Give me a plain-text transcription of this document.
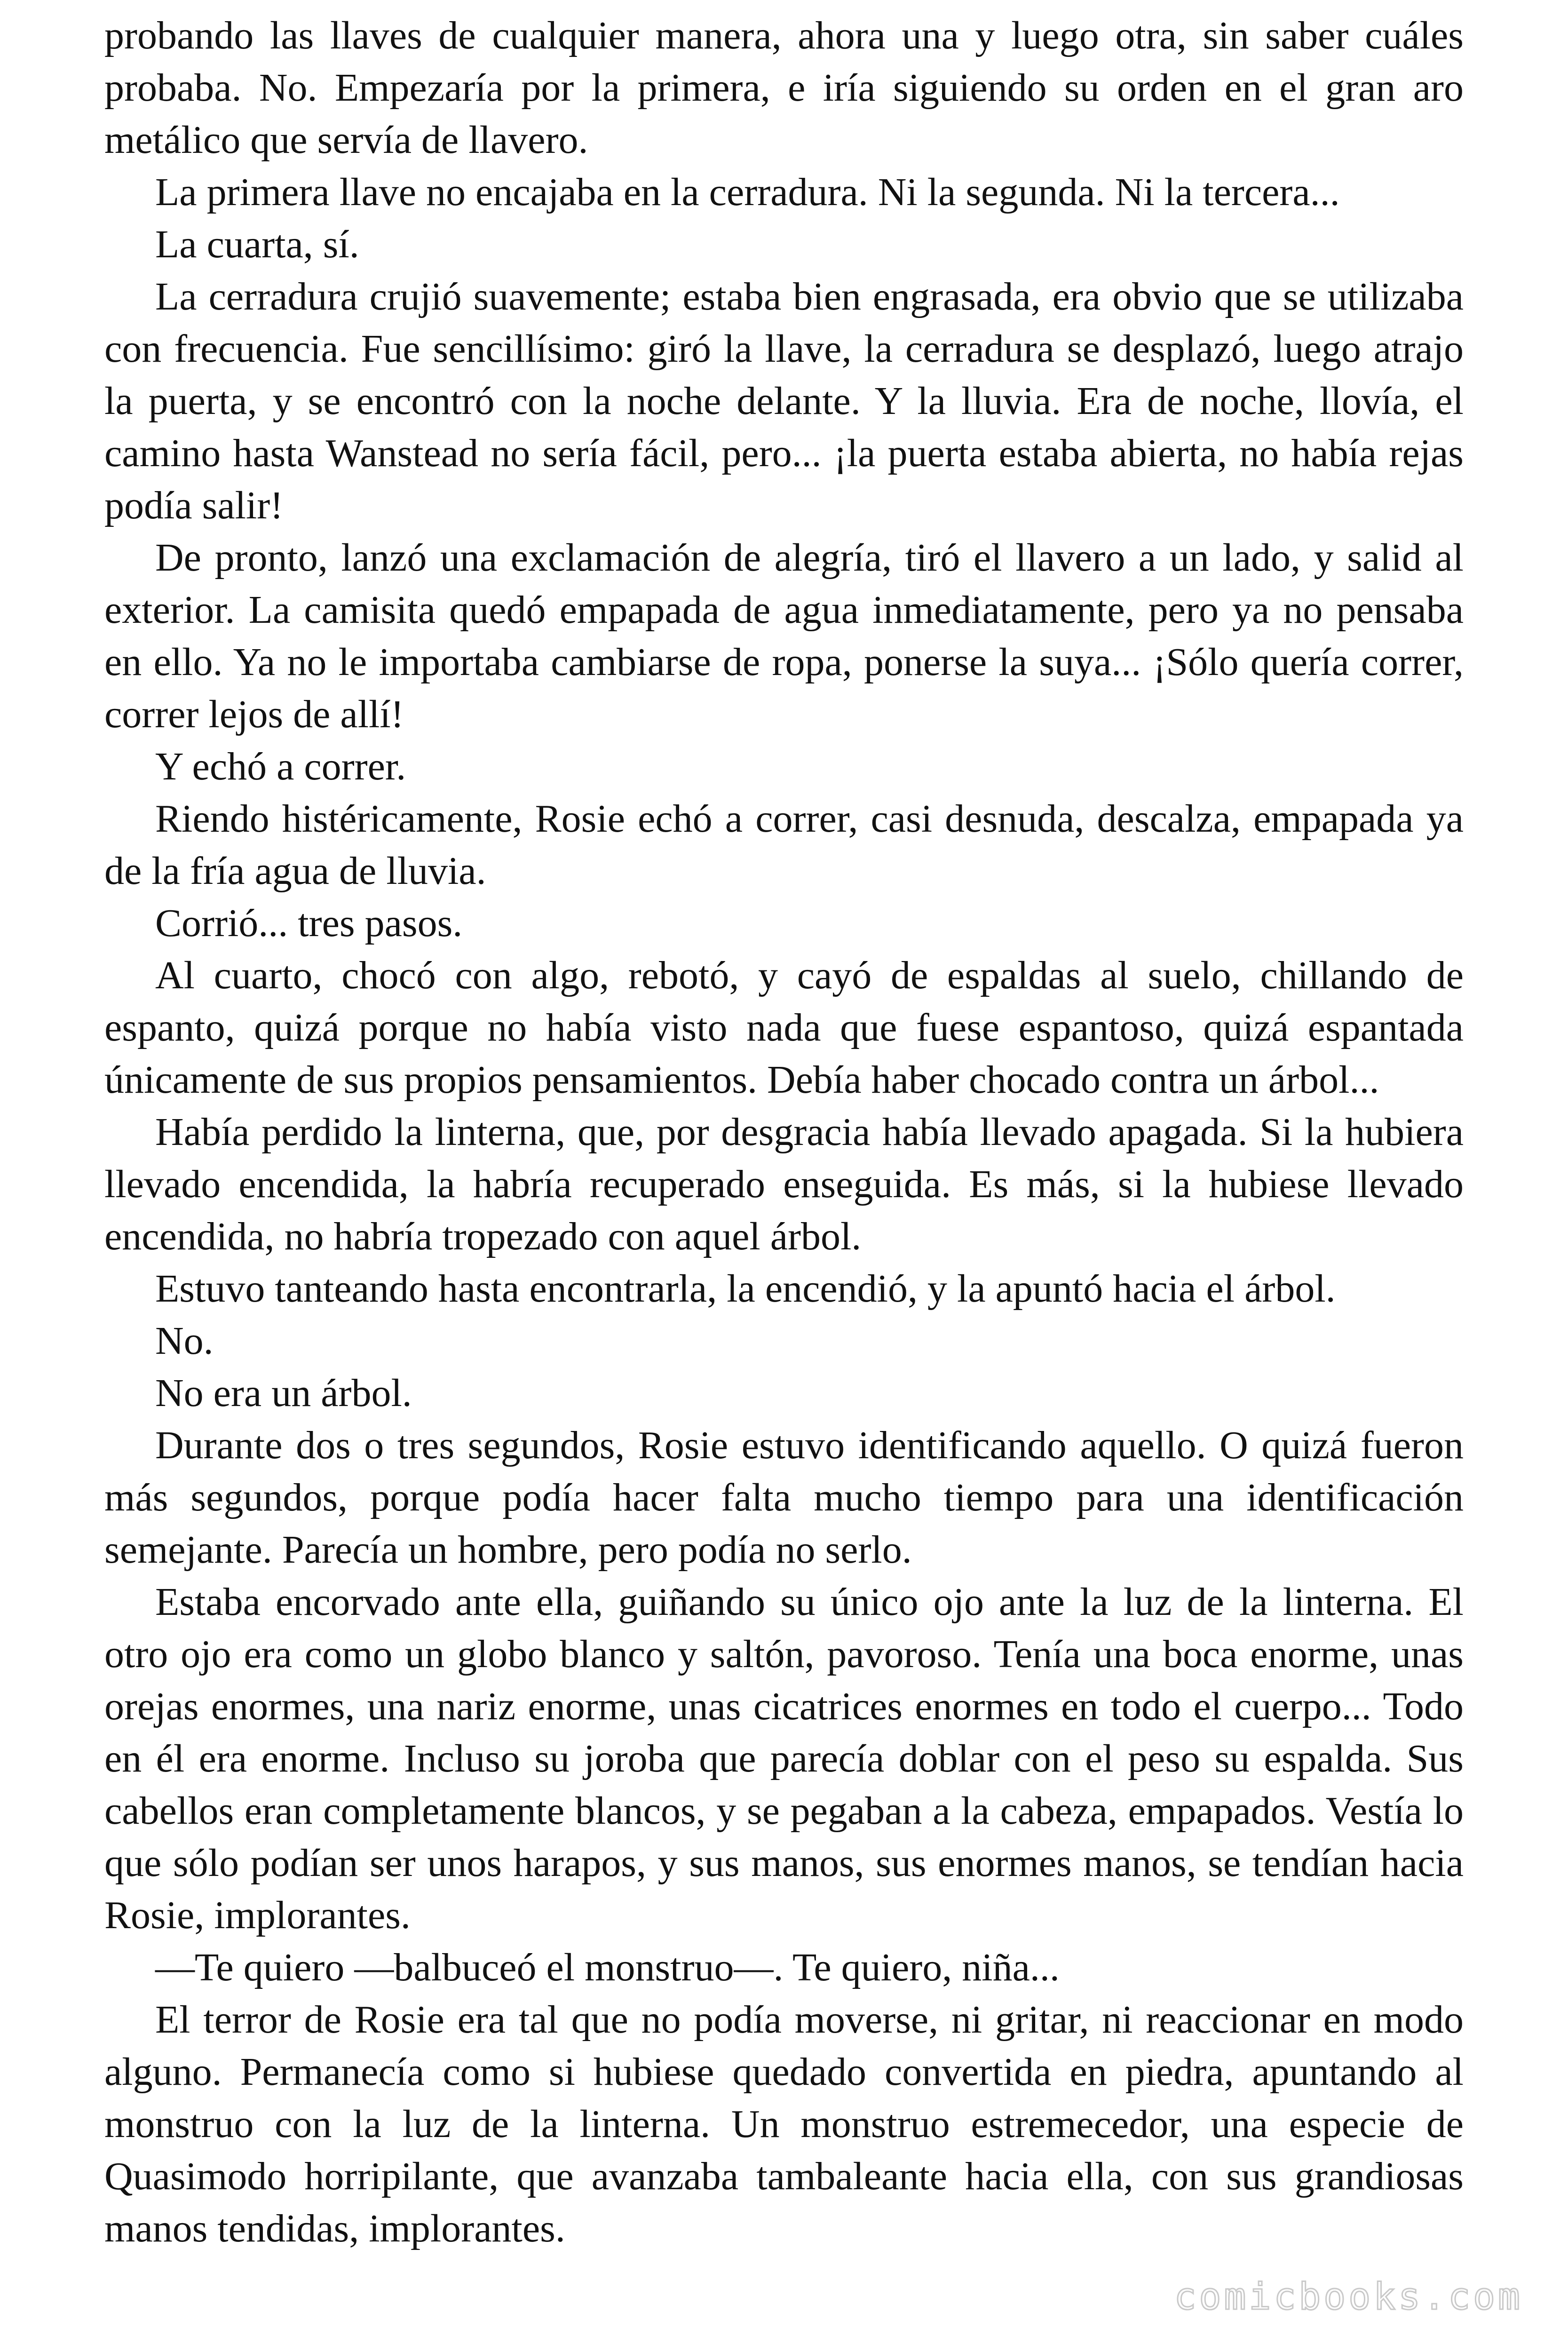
probando las llaves de cualquier manera, ahora una y luego otra, sin saber cuáles probaba. No. Empezaría por la primera, e iría siguiendo su orden en el gran aro metálico que servía de llavero.

La primera llave no encajaba en la cerradura. Ni la segunda. Ni la tercera...

La cuarta, sí.

La cerradura crujió suavemente; estaba bien engrasada, era obvio que se utilizaba con frecuencia. Fue sencillísimo: giró la llave, la cerradura se desplazó, luego atrajo la puerta, y se encontró con la noche delante. Y la lluvia. Era de noche, llovía, el camino hasta Wanstead no sería fácil, pero... ¡la puerta estaba abierta, no había rejas podía salir!

De pronto, lanzó una exclamación de alegría, tiró el llavero a un lado, y salid al exterior. La camisita quedó empapada de agua inmediatamente, pero ya no pensaba en ello. Ya no le importaba cambiarse de ropa, ponerse la suya... ¡Sólo quería correr, correr lejos de allí!

Y echó a correr.

Riendo histéricamente, Rosie echó a correr, casi desnuda, descalza, empapada ya de la fría agua de lluvia.

Corrió... tres pasos.

Al cuarto, chocó con algo, rebotó, y cayó de espaldas al suelo, chillando de espanto, quizá porque no había visto nada que fuese espantoso, quizá espantada únicamente de sus propios pensamientos. Debía haber chocado contra un árbol...

Había perdido la linterna, que, por desgracia había llevado apagada. Si la hubiera llevado encendida, la habría recuperado enseguida. Es más, si la hubiese llevado encendida, no habría tropezado con aquel árbol.

Estuvo tanteando hasta encontrarla, la encendió, y la apuntó hacia el árbol.

No.

No era un árbol.

Durante dos o tres segundos, Rosie estuvo identificando aquello. O quizá fueron más segundos, porque podía hacer falta mucho tiempo para una identificación semejante. Parecía un hombre, pero podía no serlo.

Estaba encorvado ante ella, guiñando su único ojo ante la luz de la linterna. El otro ojo era como un globo blanco y saltón, pavoroso. Tenía una boca enorme, unas orejas enormes, una nariz enorme, unas cicatrices enormes en todo el cuerpo... Todo en él era enorme. Incluso su joroba que parecía doblar con el peso su espalda. Sus cabellos eran completamente blancos, y se pegaban a la cabeza, empapados. Vestía lo que sólo podían ser unos harapos, y sus manos, sus enormes manos, se tendían hacia Rosie, implorantes.

—Te quiero —balbuceó el monstruo—. Te quiero, niña...

El terror de Rosie era tal que no podía moverse, ni gritar, ni reaccionar en modo alguno. Permanecía como si hubiese quedado convertida en piedra, apuntando al monstruo con la luz de la linterna. Un monstruo estremecedor, una especie de Quasimodo horripilante, que avanzaba tambaleante hacia ella, con sus grandiosas manos tendidas, implorantes.

comicbooks.com
